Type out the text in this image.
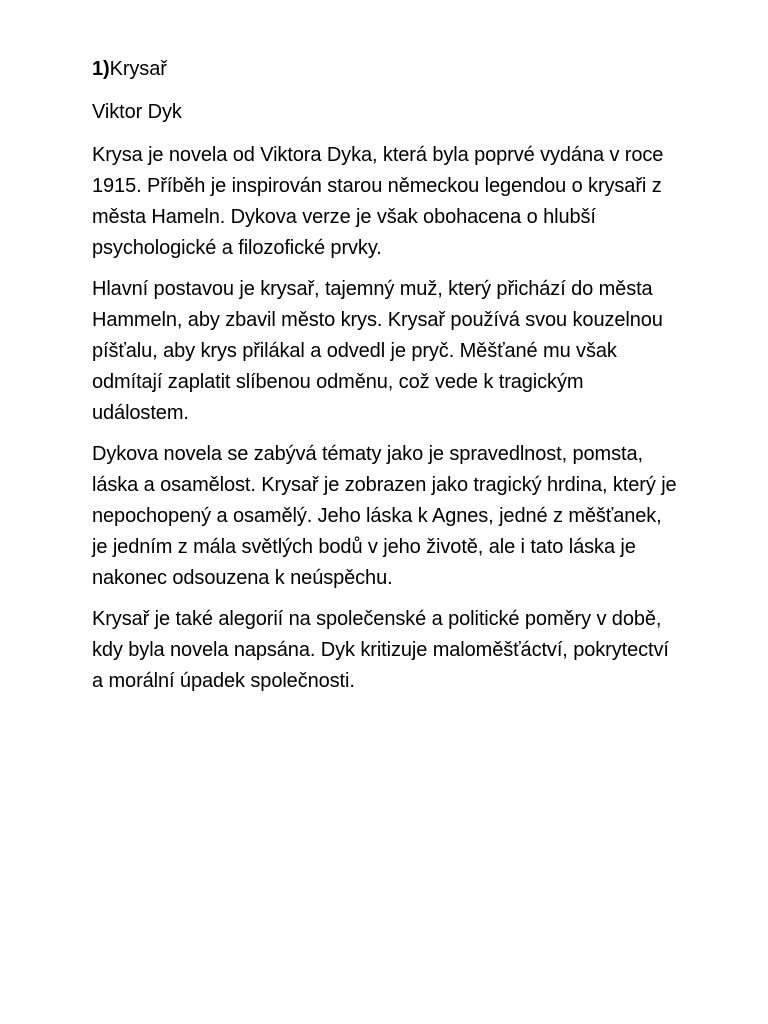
1)Krysař
Viktor Dyk

Krysa je novela od Viktora Dyka, která byla poprvé vydána v roce 1915. Příběh je inspirován starou německou legendou o krysaři z města Hameln. Dykova verze je však obohacena o hlubší psychologické a filozofické prvky.

Hlavní postavou je krysař, tajemný muž, který přichází do města Hammeln, aby zbavil město krys. Krysař používá svou kouzelnou píšťalu, aby krys přilákal a odvedl je pryč. Měšťané mu však odmítají zaplatit slíbenou odměnu, což vede k tragickým událostem.

Dykova novela se zabývá tématy jako je spravedlnost, pomsta, láska a osamělost. Krysař je zobrazen jako tragický hrdina, který je nepochopený a osamělý. Jeho láska k Agnes, jedné z měšťanek, je jedním z mála světlých bodů v jeho životě, ale i tato láska je nakonec odsouzena k neúspěchu.

Krysař je také alegorií na společenské a politické poměry v době, kdy byla novela napsána. Dyk kritizuje maloměšťáctví, pokrytectví a morální úpadek společnosti.
